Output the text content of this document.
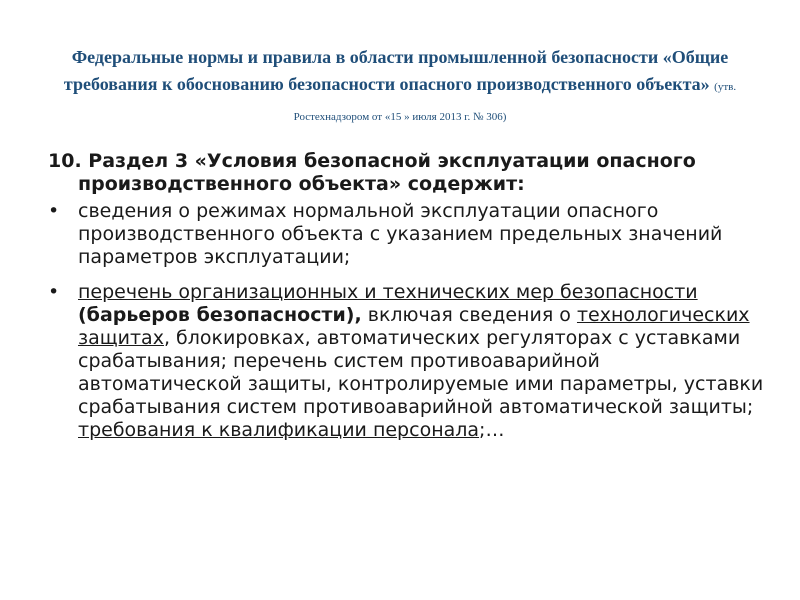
Федеральные нормы и правила в области промышленной безопасности «Общие требования к обоснованию безопасности опасного производственного объекта» (утв. Ростехнадзором от «15 » июля 2013 г. № 306)
10. Раздел 3 «Условия безопасной эксплуатации опасного производственного объекта» содержит:
• сведения о режимах нормальной эксплуатации опасного производственного объекта с указанием предельных значений параметров эксплуатации;
• перечень организационных и технических мер безопасности (барьеров безопасности), включая сведения о технологических защитах, блокировках, автоматических регуляторах с уставками срабатывания; перечень систем противоаварийной автоматической защиты, контролируемые ими параметры, уставки срабатывания систем противоаварийной автоматической защиты; требования к квалификации персонала;…
